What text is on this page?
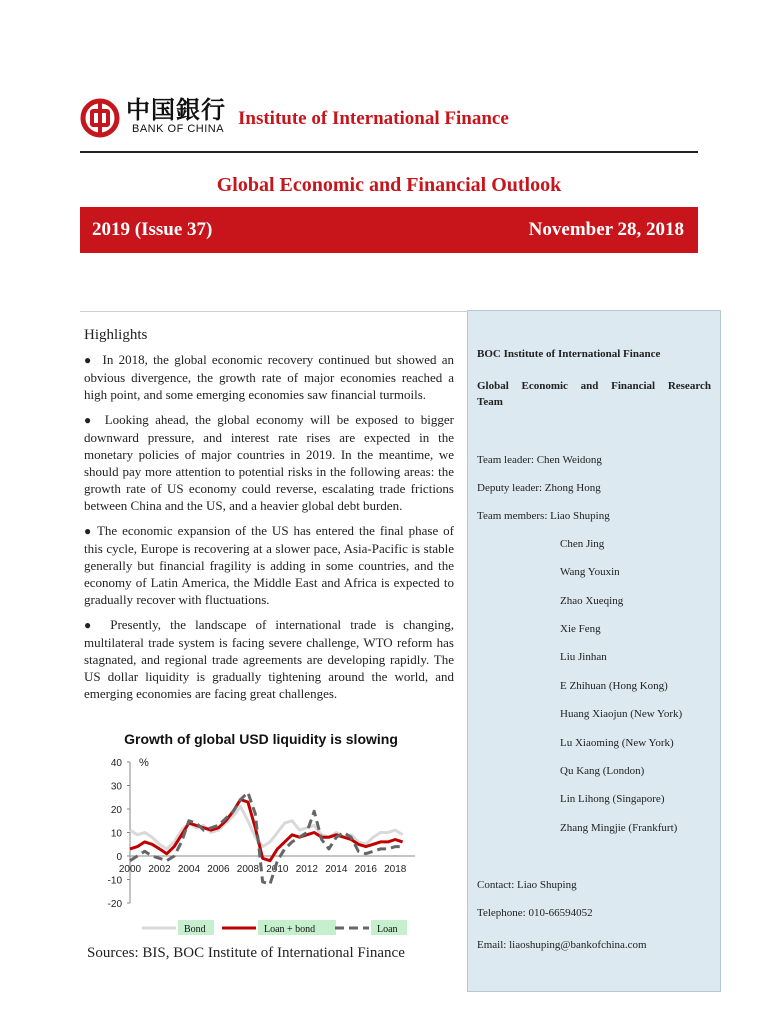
中国銀行
BANK OF CHINA Institute of International Finance
Global Economic and Financial Outlook
2019 (Issue 37)	November 28, 2018
Highlights

● In 2018, the global economic recovery continued but showed an obvious divergence, the growth rate of major economies reached a high point, and some emerging economies saw financial turmoils.

● Looking ahead, the global economy will be exposed to bigger downward pressure, and interest rate rises are expected in the monetary policies of major countries in 2019. In the meantime, we should pay more attention to potential risks in the following areas: the growth rate of US economy could reverse, escalating trade frictions between China and the US, and a heavier global debt burden.

● The economic expansion of the US has entered the final phase of this cycle, Europe is recovering at a slower pace, Asia-Pacific is stable generally but financial fragility is adding in some countries, and the economy of Latin America, the Middle East and Africa is expected to gradually recover with fluctuations.

● Presently, the landscape of international trade is changing, multilateral trade system is facing severe challenge, WTO reform has stagnated, and regional trade agreements are developing rapidly. The US dollar liquidity is gradually tightening around the world, and emerging economies are facing great challenges.

Growth of global USD liquidity is slowing
40
30
20
10
0
-10
-20
%
2000 2002 2004 2006 2008 2010 2012 2014 2016 2018
Bond	Loan + bond	Loan
Sources: BIS, BOC Institute of International Finance
BOC Institute of International Finance
Global Economic and Financial Research
Team
Team leader: Chen Weidong
Deputy leader: Zhong Hong
Team members: Liao Shuping
Chen Jing
Wang Youxin
Zhao Xueqing
Xie Feng
Liu Jinhan
E Zhihuan (Hong Kong)
Huang Xiaojun (New York)
Lu Xiaoming (New York)
Qu Kang (London)
Lin Lihong (Singapore)
Zhang Mingjie (Frankfurt)
Contact: Liao Shuping
Telephone: 010-66594052
Email: liaoshuping@bankofchina.com
